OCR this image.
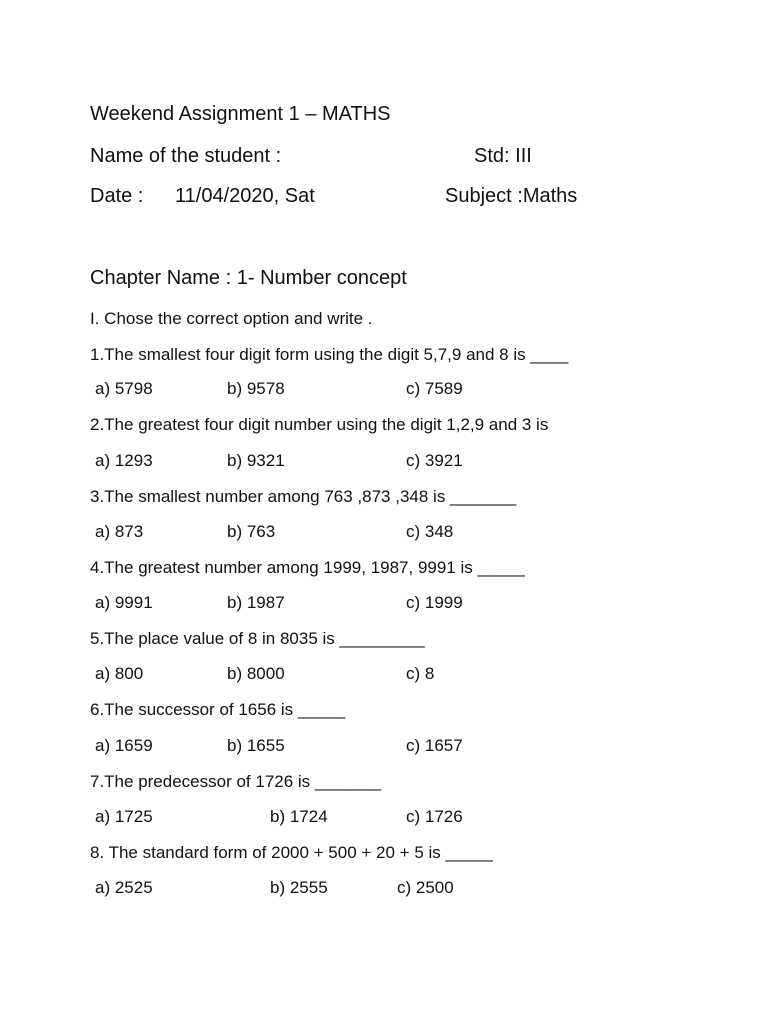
Weekend Assignment 1 – MATHS
Name of the student :	Std: III
Date : 11/04/2020, Sat	Subject :Maths
Chapter Name : 1- Number concept
I. Chose the correct option and write .
1.The smallest four digit form using the digit 5,7,9 and 8 is ____
a) 5798	b) 9578	c) 7589
2.The greatest four digit number using the digit 1,2,9 and 3 is
a) 1293	b) 9321	c) 3921
3.The smallest number among 763 ,873 ,348 is _______
a) 873	b) 763	c) 348
4.The greatest number among 1999, 1987, 9991 is _____
a) 9991	b) 1987	c) 1999
5.The place value of 8 in 8035 is _________
a) 800	b) 8000	c) 8
6.The successor of 1656 is _____
a) 1659	b) 1655	c) 1657
7.The predecessor of 1726 is _______
a) 1725	b) 1724	c) 1726
8. The standard form of 2000 + 500 + 20 + 5 is _____
a) 2525	b) 2555	c) 2500
